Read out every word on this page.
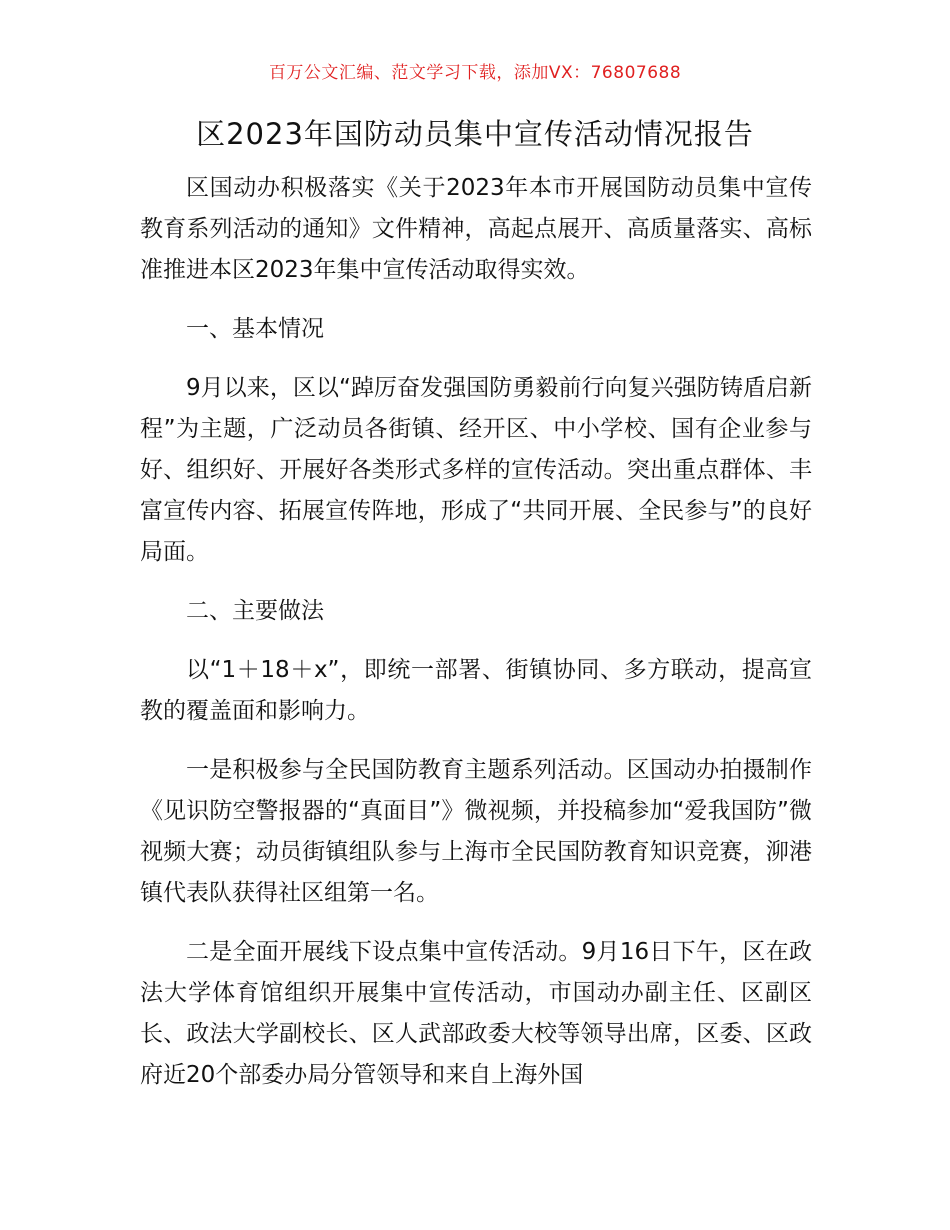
百万公文汇编、范文学习下载，添加VX：76807688
区2023年国防动员集中宣传活动情况报告

区国动办积极落实《关于2023年本市开展国防动员集中宣传教育系列活动的通知》文件精神，高起点展开、高质量落实、高标准推进本区2023年集中宣传活动取得实效。

一、基本情况

9月以来，区以“踔厉奋发强国防勇毅前行向复兴强防铸盾启新程”为主题，广泛动员各街镇、经开区、中小学校、国有企业参与好、组织好、开展好各类形式多样的宣传活动。突出重点群体、丰富宣传内容、拓展宣传阵地，形成了“共同开展、全民参与”的良好局面。

二、主要做法

以“1＋18＋x”，即统一部署、街镇协同、多方联动，提高宣教的覆盖面和影响力。

一是积极参与全民国防教育主题系列活动。区国动办拍摄制作《见识防空警报器的“真面目”》微视频，并投稿参加“爱我国防”微视频大赛；动员街镇组队参与上海市全民国防教育知识竞赛，泖港镇代表队获得社区组第一名。

二是全面开展线下设点集中宣传活动。9月16日下午，区在政法大学体育馆组织开展集中宣传活动，市国动办副主任、区副区长、政法大学副校长、区人武部政委大校等领导出席，区委、区政府近20个部委办局分管领导和来自上海外国
